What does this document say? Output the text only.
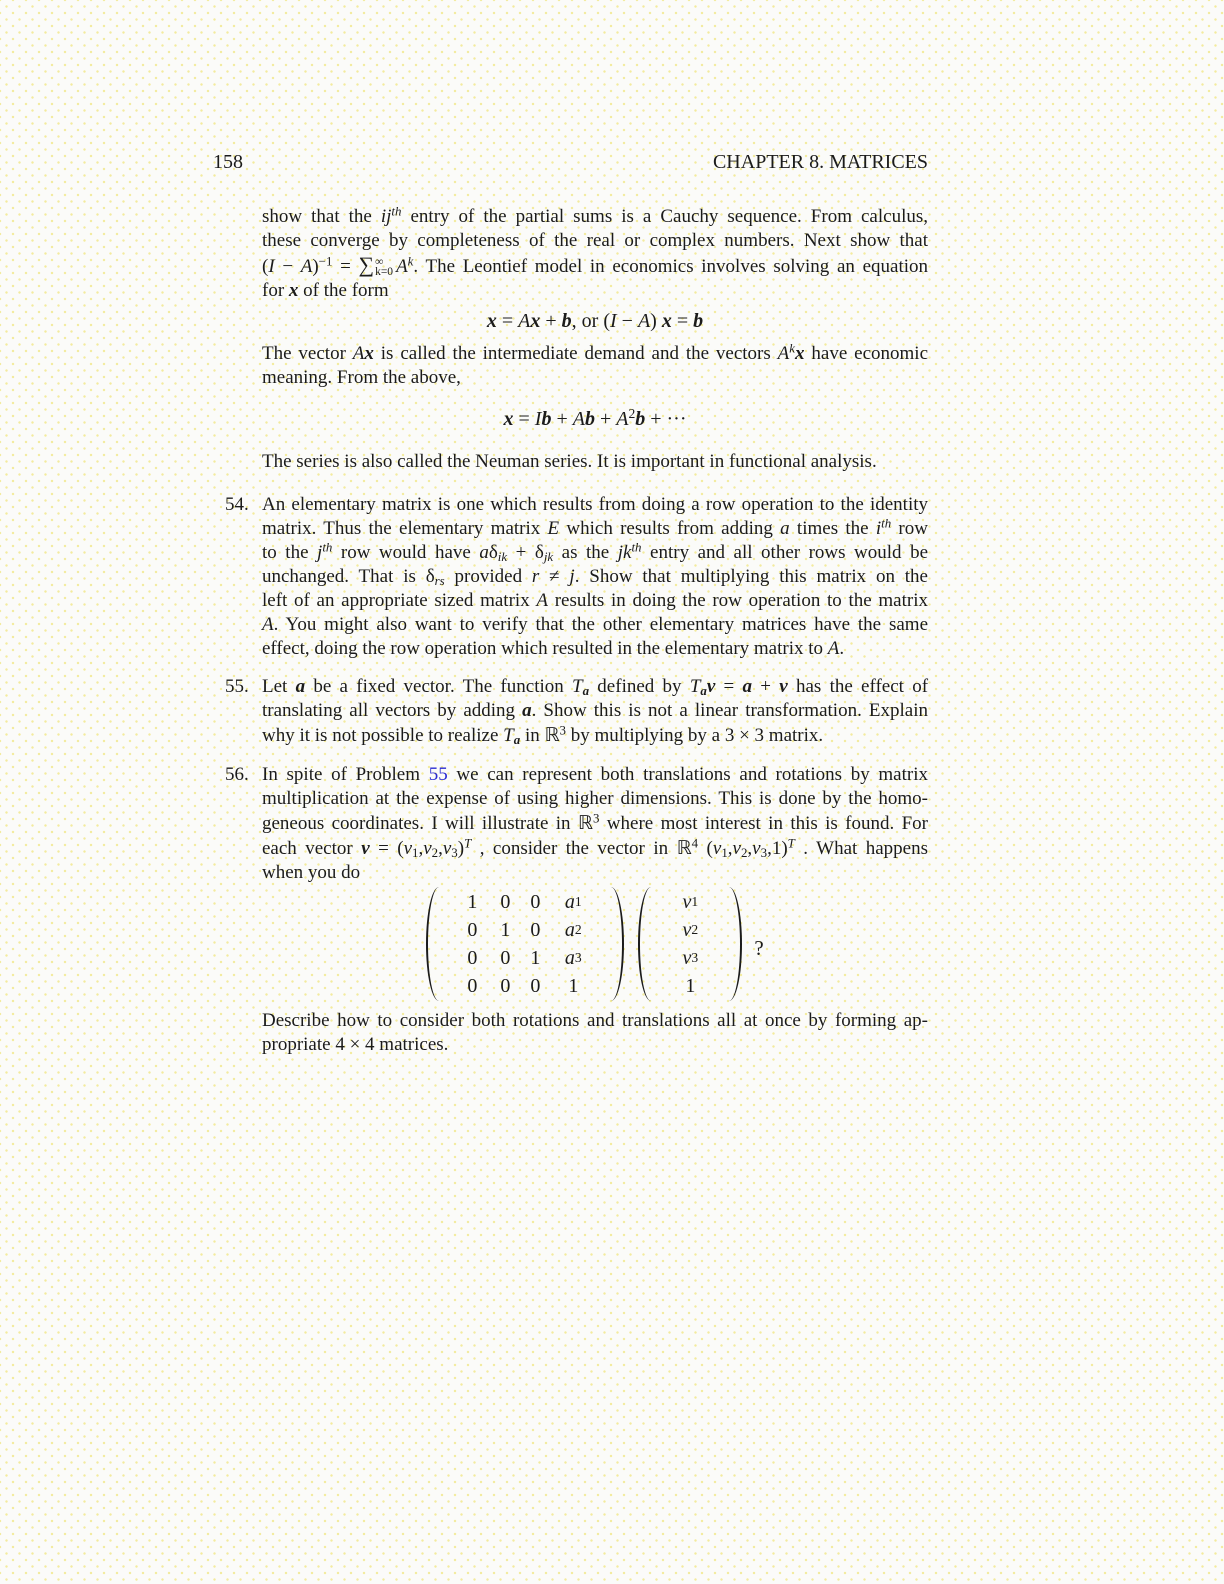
158	CHAPTER 8. MATRICES
show that the $ij^{th}$ entry of the partial sums is a Cauchy sequence. From calculus,
these converge by completeness of the real or complex numbers. Next show that
$(I - A)^{-1}$ = ∑ ∞
k=0 $A^k$. The Leontief model in economics involves solving an equation
for x of the form
x = Ax + b, or (I − A) x = b
The vector Ax is called the intermediate demand and the vectors $A^kx$ have economic
meaning. From the above,
$x = Ib + Ab + A^2b$ + ···
The series is also called the Neuman series. It is important in functional analysis.
54. An elementary matrix is one which results from doing a row operation to the identity
matrix. Thus the elementary matrix E which results from adding a times the $i^{th}$ row
to the $j^{th}$ row would have aδik + δjk as the $jk^{th}$ entry and all other rows would be
unchanged. That is δrs provided r ≠ j. Show that multiplying this matrix on the
left of an appropriate sized matrix A results in doing the row operation to the matrix
A. You might also want to verify that the other elementary matrices have the same
effect, doing the row operation which resulted in the elementary matrix to A.
55. Let a be a fixed vector. The function Ta defined by Tav = a + v has the effect of
translating all vectors by adding a. Show this is not a linear transformation. Explain
why it is not possible to realize Ta in ℝ$^3$ by multiplying by a 3 × 3 matrix.
56. In spite of Problem 55 we can represent both translations and rotations by matrix
multiplication at the expense of using higher dimensions. This is done by the homo-
geneous coordinates. I will illustrate in ℝ$^3$ where most interest in this is found. For
each vector $v = (v1,v2,v3)^T$ , consider the vector in ℝ$^4$ $(v1,v2,v3,1)^T$ . What happens
when you do
1 0 0 a 1
0 1 0 a 2
0 0 1 a 3
0 0 0 1
v 1
v 2
v 3
1
?
Describe how to consider both rotations and translations all at once by forming ap-
propriate 4 × 4 matrices.
